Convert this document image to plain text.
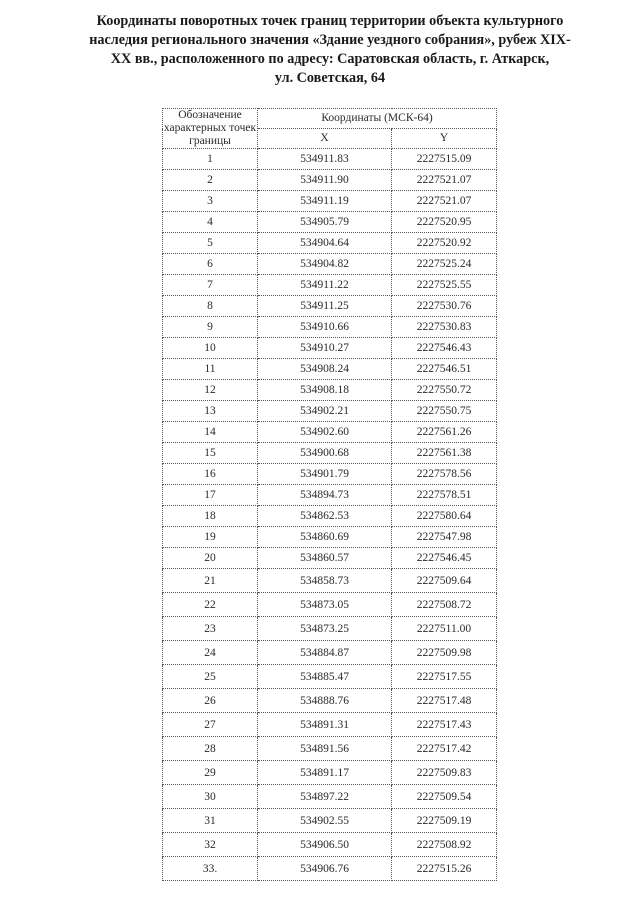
Координаты поворотных точек границ территории объекта культурного
наследия регионального значения «Здание уездного собрания», рубеж XIX-
XX вв., расположенного по адресу: Саратовская область, г. Аткарск,
ул. Советская, 64
Обозначение характерных точек границы	Координаты (МСК-64)	
	X	Y
1	534911.83	2227515.09
2	534911.90	2227521.07
3	534911.19	2227521.07
4	534905.79	2227520.95
5	534904.64	2227520.92
6	534904.82	2227525.24
7	534911.22	2227525.55
8	534911.25	2227530.76
9	534910.66	2227530.83
10	534910.27	2227546.43
11	534908.24	2227546.51
12	534908.18	2227550.72
13	534902.21	2227550.75
14	534902.60	2227561.26
15	534900.68	2227561.38
16	534901.79	2227578.56
17	534894.73	2227578.51
18	534862.53	2227580.64
19	534860.69	2227547.98
20	534860.57	2227546.45
21	534858.73	2227509.64
22	534873.05	2227508.72
23	534873.25	2227511.00
24	534884.87	2227509.98
25	534885.47	2227517.55
26	534888.76	2227517.48
27	534891.31	2227517.43
28	534891.56	2227517.42
29	534891.17	2227509.83
30	534897.22	2227509.54
31	534902.55	2227509.19
32	534906.50	2227508.92
33.	534906.76	2227515.26
